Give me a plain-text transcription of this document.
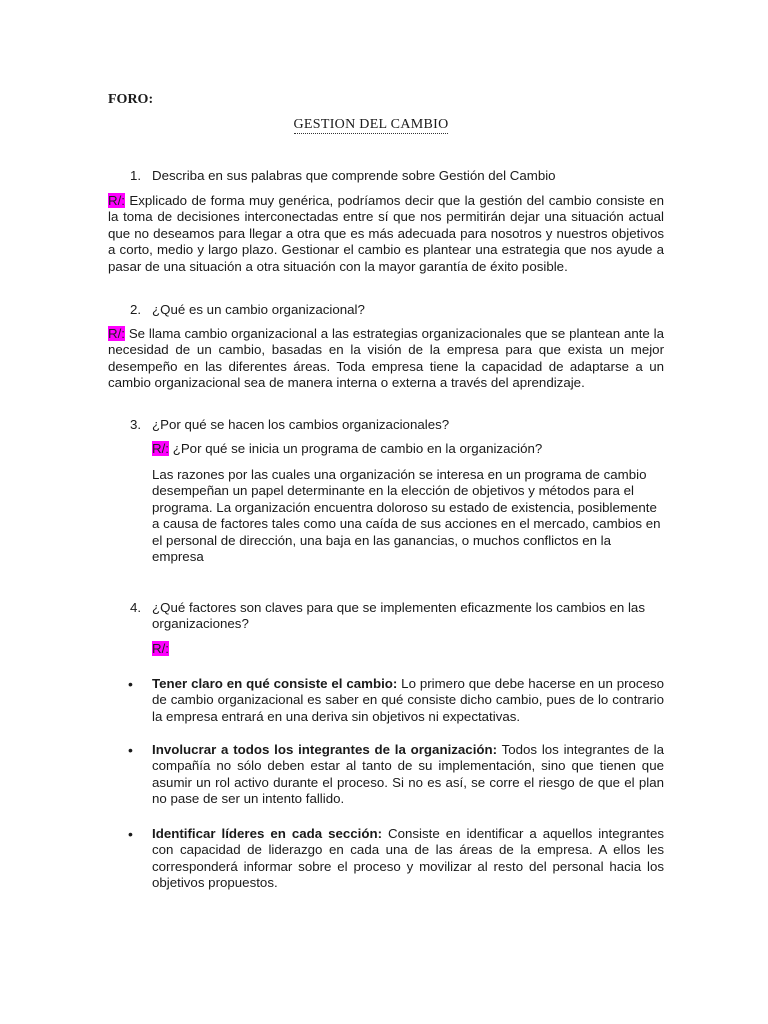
FORO:
GESTION DEL CAMBIO
1. Describa en sus palabras que comprende sobre Gestión del Cambio
R/: Explicado de forma muy genérica, podríamos decir que la gestión del cambio consiste en la toma de decisiones interconectadas entre sí que nos permitirán dejar una situación actual que no deseamos para llegar a otra que es más adecuada para nosotros y nuestros objetivos a corto, medio y largo plazo. Gestionar el cambio es plantear una estrategia que nos ayude a pasar de una situación a otra situación con la mayor garantía de éxito posible.
2. ¿Qué es un cambio organizacional?
R/: Se llama cambio organizacional a las estrategias organizacionales que se plantean ante la necesidad de un cambio, basadas en la visión de la empresa para que exista un mejor desempeño en las diferentes áreas. Toda empresa tiene la capacidad de adaptarse a un cambio organizacional sea de manera interna o externa a través del aprendizaje.
3. ¿Por qué se hacen los cambios organizacionales?
R/: ¿Por qué se inicia un programa de cambio en la organización?
Las razones por las cuales una organización se interesa en un programa de cambio desempeñan un papel determinante en la elección de objetivos y métodos para el programa. La organización encuentra doloroso su estado de existencia, posiblemente a causa de factores tales como una caída de sus acciones en el mercado, cambios en el personal de dirección, una baja en las ganancias, o muchos conflictos en la empresa
4. ¿Qué factores son claves para que se implementen eficazmente los cambios en las organizaciones?
R/:
• Tener claro en qué consiste el cambio: Lo primero que debe hacerse en un proceso de cambio organizacional es saber en qué consiste dicho cambio, pues de lo contrario la empresa entrará en una deriva sin objetivos ni expectativas.
• Involucrar a todos los integrantes de la organización: Todos los integrantes de la compañía no sólo deben estar al tanto de su implementación, sino que tienen que asumir un rol activo durante el proceso. Si no es así, se corre el riesgo de que el plan no pase de ser un intento fallido.
• Identificar líderes en cada sección: Consiste en identificar a aquellos integrantes con capacidad de liderazgo en cada una de las áreas de la empresa. A ellos les corresponderá informar sobre el proceso y movilizar al resto del personal hacia los objetivos propuestos.
